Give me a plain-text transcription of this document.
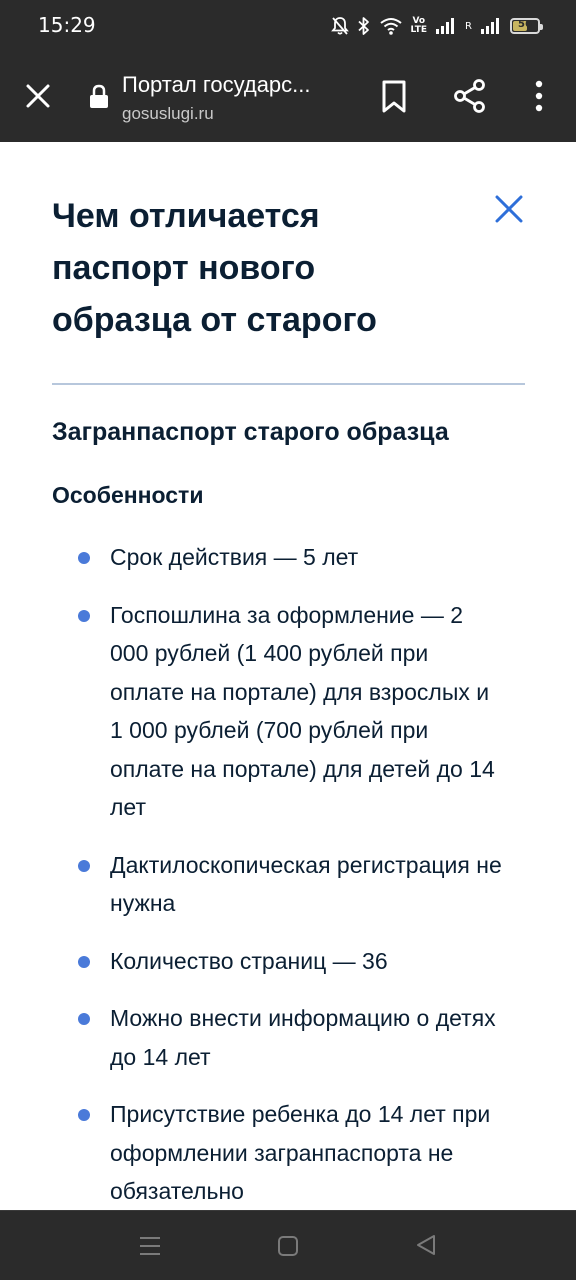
15:29	Vo
LTE	R	56
Портал государс...
gosuslugi.ru
Чем отличается паспорт нового образца от старого
Загранпаспорт старого образца
Особенности
Срок действия — 5 лет
Госпошлина за оформление — 2 000 рублей (1 400 рублей при оплате на портале) для взрослых и 1 000 рублей (700 рублей при оплате на портале) для детей до 14 лет
Дактилоскопическая регистрация не нужна
Количество страниц — 36
Можно внести информацию о детях до 14 лет
Присутствие ребенка до 14 лет при оформлении загранпаспорта не обязательно
